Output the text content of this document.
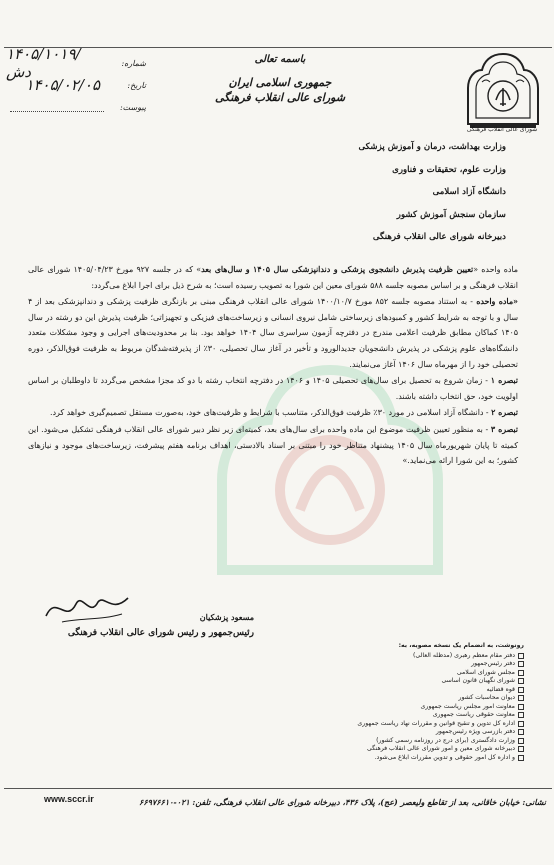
شماره:
۱۴۰۵/۱۰۱۹/دش
تاریخ:
۱۴۰۵/۰۲/۰۵
پیوست:
شورای عالی انقلاب فرهنگی
باسمه تعالی
جمهوری اسلامی ایران
شورای عالی انقلاب فرهنگی
وزارت بهداشت، درمان و آموزش پزشکی
وزارت علوم، تحقیقات و فناوری
دانشگاه آزاد اسلامی
سازمان سنجش آموزش کشور
دبیرخانه شورای عالی انقلاب فرهنگی

ماده واحده «تعیین ظرفیت پذیرش دانشجوی پزشکی و دندانپزشکی سال ۱۴۰۵ و سال‌های بعد» که در جلسه ۹۲۷ مورخ ۱۴۰۵/۰۴/۲۳ شورای عالی انقلاب فرهنگی و بر اساس مصوبه جلسه ۵۸۸ شورای معین این شورا به تصویب رسیده است؛ به شرح ذیل برای اجرا ابلاغ می‌گردد:

«ماده واحده - به استناد مصوبه جلسه ۸۵۲ مورخ ۱۴۰۰/۱۰/۷ شورای عالی انقلاب فرهنگی مبنی بر بازنگری ظرفیت پزشکی و دندانپزشکی بعد از ۴ سال و با توجه به شرایط کشور و کمبودهای زیرساختی شامل نیروی انسانی و زیرساخت‌های فیزیکی و تجهیزاتی؛ ظرفیت پذیرش این دو رشته در سال ۱۴۰۵ کماکان مطابق ظرفیت اعلامی مندرج در دفترچه آزمون سراسری سال ۱۴۰۴ خواهد بود. بنا بر محدودیت‌های اجرایی و وجود مشکلات متعدد دانشگاه‌های علوم پزشکی در پذیرش دانشجویان جدیدالورود و تأخیر در آغاز سال تحصیلی، ۳۰٪ از پذیرفته‌شدگان مربوط به ظرفیت فوق‌الذکر، دوره تحصیلی خود را از مهرماه سال ۱۴۰۶ آغاز می‌نمایند.

تبصره ۱ - زمان شروع به تحصیل برای سال‌های تحصیلی ۱۴۰۵ و ۱۴۰۶ در دفترچه انتخاب رشته با دو کد مجزا مشخص می‌گردد تا داوطلبان بر اساس اولویت خود، حق انتخاب داشته باشند.

تبصره ۲ - دانشگاه آزاد اسلامی در مورد ۳۰٪ ظرفیت فوق‌الذکر، متناسب با شرایط و ظرفیت‌های خود، به‌صورت مستقل تصمیم‌گیری خواهد کرد.

تبصره ۳ - به منظور تعیین ظرفیت موضوع این ماده واحده برای سال‌های بعد، کمیته‌ای زیر نظر دبیر شورای عالی انقلاب فرهنگی تشکیل می‌شود. این کمیته تا پایان شهریورماه سال ۱۴۰۵ پیشنهاد متناظر خود را مبتنی بر اسناد بالادستی، اهداف برنامه هفتم پیشرفت، زیرساخت‌های موجود و نیازهای کشور؛ به این شورا ارائه می‌نماید.»

مسعود پزشکیان
رئیس‌جمهور و رئیس شورای عالی انقلاب فرهنگی
رونوشت، به انضمام یک نسخه مصوبه، به:
دفتر مقام معظم رهبری (مدظله العالی)
دفتر رئیس‌جمهور
مجلس شورای اسلامی
شورای نگهبان قانون اساسی
قوه قضائیه
دیوان محاسبات کشور
معاونت امور مجلس ریاست جمهوری
معاونت حقوقی ریاست جمهوری
اداره کل تدوین و تنقیح قوانین و مقررات نهاد ریاست جمهوری
دفتر بازرسی ویژه رئیس‌جمهور
وزارت دادگستری (برای درج در روزنامه رسمی کشور)
دبیرخانه شورای معین و امور شورای عالی انقلاب فرهنگی
و اداره کل امور حقوقی و تدوین مقررات ابلاغ می‌شود.
نشانی: خیابان خاقانی، بعد از تقاطع ولیعصر (عج)، پلاک ۴۳۶، دبیرخانه شورای عالی انقلاب فرهنگی، تلفن: ۰۲۱-۶۶۹۷۶۶۱۰
www.sccr.ir
